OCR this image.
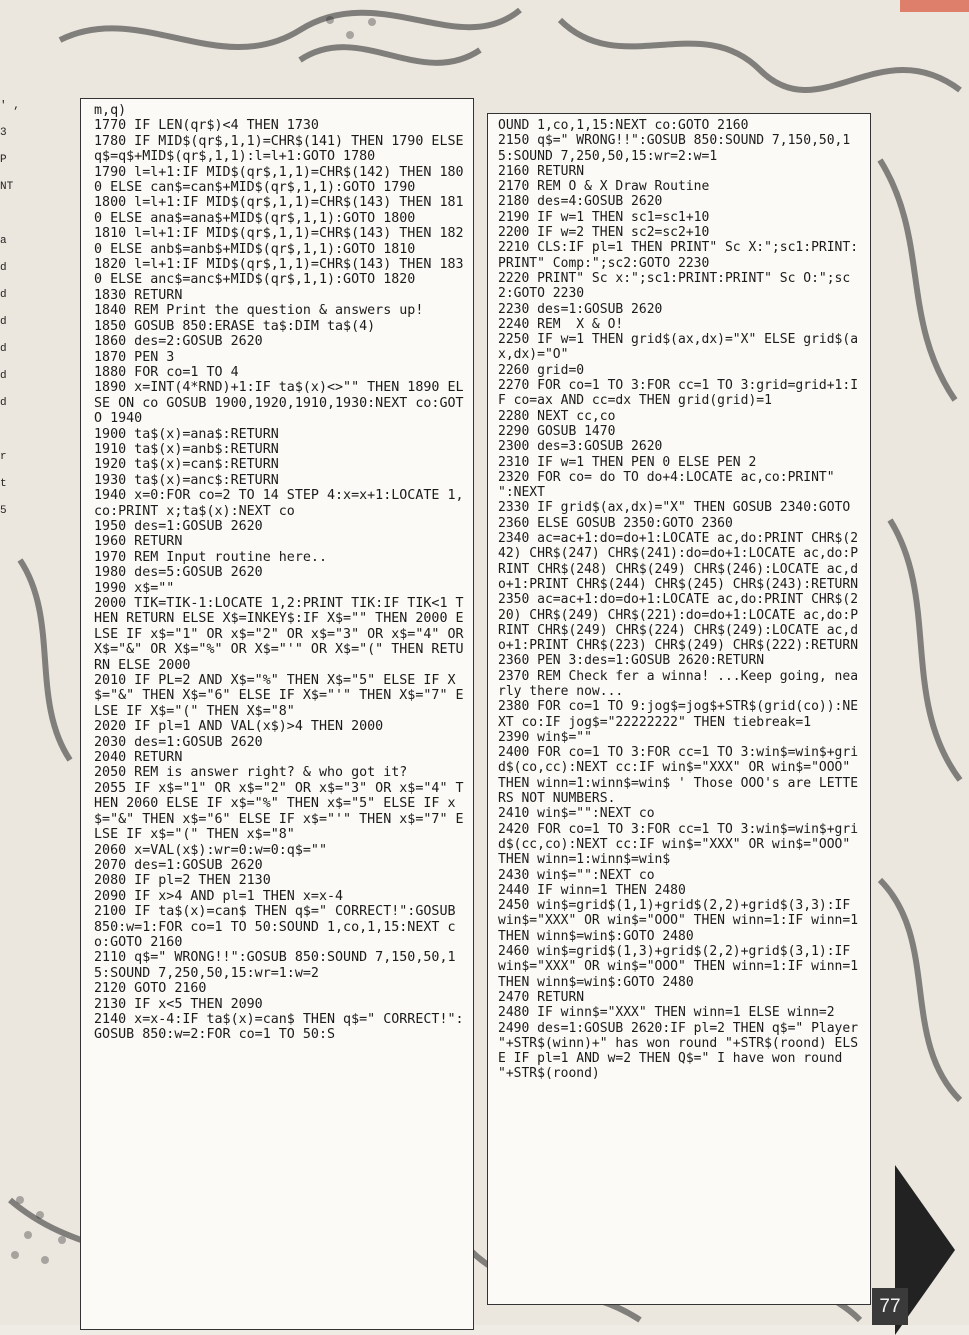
' ,
3
P
NT
a
d
d
d
d
d
d
r
t
5
m,q)
1770 IF LEN(qr$)<4 THEN 1730
1780 IF MID$(qr$,1,1)=CHR$(141) THEN 1790 ELSE q$=q$+MID$(qr$,1,1):l=l+1:GOTO 1780
1790 l=l+1:IF MID$(qr$,1,1)=CHR$(142) THEN 1800 ELSE can$=can$+MID$(qr$,1,1):GOTO 1790
1800 l=l+1:IF MID$(qr$,1,1)=CHR$(143) THEN 1810 ELSE ana$=ana$+MID$(qr$,1,1):GOTO 1800
1810 l=l+1:IF MID$(qr$,1,1)=CHR$(143) THEN 1820 ELSE anb$=anb$+MID$(qr$,1,1):GOTO 1810
1820 l=l+1:IF MID$(qr$,1,1)=CHR$(143) THEN 1830 ELSE anc$=anc$+MID$(qr$,1,1):GOTO 1820
1830 RETURN
1840 REM Print the question & answers up!
1850 GOSUB 850:ERASE ta$:DIM ta$(4)
1860 des=2:GOSUB 2620
1870 PEN 3
1880 FOR co=1 TO 4
1890 x=INT(4*RND)+1:IF ta$(x)<>"" THEN 1890 ELSE ON co GOSUB 1900,1920,1910,1930:NEXT co:GOTO 1940
1900 ta$(x)=ana$:RETURN
1910 ta$(x)=anb$:RETURN
1920 ta$(x)=can$:RETURN
1930 ta$(x)=anc$:RETURN
1940 x=0:FOR co=2 TO 14 STEP 4:x=x+1:LOCATE 1,co:PRINT x;ta$(x):NEXT co
1950 des=1:GOSUB 2620
1960 RETURN
1970 REM Input routine here..
1980 des=5:GOSUB 2620
1990 x$=""
2000 TIK=TIK-1:LOCATE 1,2:PRINT TIK:IF TIK<1 THEN RETURN ELSE X$=INKEY$:IF X$="" THEN 2000 ELSE IF x$="1" OR x$="2" OR x$="3" OR x$="4" OR X$="&" OR X$="%" OR X$="'" OR X$="(" THEN RETURN ELSE 2000
2010 IF PL=2 AND X$="%" THEN X$="5" ELSE IF X$="&" THEN X$="6" ELSE IF X$="'" THEN X$="7" ELSE IF X$="(" THEN X$="8"
2020 IF pl=1 AND VAL(x$)>4 THEN 2000
2030 des=1:GOSUB 2620
2040 RETURN
2050 REM is answer right? & who got it?
2055 IF x$="1" OR x$="2" OR x$="3" OR x$="4" THEN 2060 ELSE IF x$="%" THEN x$="5" ELSE IF x$="&" THEN x$="6" ELSE IF x$="'" THEN x$="7" ELSE IF x$="(" THEN x$="8"
2060 x=VAL(x$):wr=0:w=0:q$=""
2070 des=1:GOSUB 2620
2080 IF pl=2 THEN 2130
2090 IF x>4 AND pl=1 THEN x=x-4
2100 IF ta$(x)=can$ THEN q$=" CORRECT!":GOSUB 850:w=1:FOR co=1 TO 50:SOUND 1,co,1,15:NEXT co:GOTO 2160
2110 q$=" WRONG!!":GOSUB 850:SOUND 7,150,50,15:SOUND 7,250,50,15:wr=1:w=2
2120 GOTO 2160
2130 IF x<5 THEN 2090
2140 x=x-4:IF ta$(x)=can$ THEN q$=" CORRECT!":GOSUB 850:w=2:FOR co=1 TO 50:S

OUND 1,co,1,15:NEXT co:GOTO 2160
2150 q$=" WRONG!!":GOSUB 850:SOUND 7,150,50,15:SOUND 7,250,50,15:wr=2:w=1
2160 RETURN
2170 REM O & X Draw Routine
2180 des=4:GOSUB 2620
2190 IF w=1 THEN sc1=sc1+10
2200 IF w=2 THEN sc2=sc2+10
2210 CLS:IF pl=1 THEN PRINT" Sc X:";sc1:PRINT:PRINT" Comp:";sc2:GOTO 2230
2220 PRINT" Sc x:";sc1:PRINT:PRINT" Sc O:";sc2:GOTO 2230
2230 des=1:GOSUB 2620
2240 REM  X & O!
2250 IF w=1 THEN grid$(ax,dx)="X" ELSE grid$(ax,dx)="O"
2260 grid=0
2270 FOR co=1 TO 3:FOR cc=1 TO 3:grid=grid+1:IF co=ax AND cc=dx THEN grid(grid)=1
2280 NEXT cc,co
2290 GOSUB 1470
2300 des=3:GOSUB 2620
2310 IF w=1 THEN PEN 0 ELSE PEN 2
2320 FOR co= do TO do+4:LOCATE ac,co:PRINT"      ":NEXT
2330 IF grid$(ax,dx)="X" THEN GOSUB 2340:GOTO 2360 ELSE GOSUB 2350:GOTO 2360
2340 ac=ac+1:do=do+1:LOCATE ac,do:PRINT CHR$(242) CHR$(247) CHR$(241):do=do+1:LOCATE ac,do:PRINT CHR$(248) CHR$(249) CHR$(246):LOCATE ac,do+1:PRINT CHR$(244) CHR$(245) CHR$(243):RETURN
2350 ac=ac+1:do=do+1:LOCATE ac,do:PRINT CHR$(220) CHR$(249) CHR$(221):do=do+1:LOCATE ac,do:PRINT CHR$(249) CHR$(224) CHR$(249):LOCATE ac,do+1:PRINT CHR$(223) CHR$(249) CHR$(222):RETURN
2360 PEN 3:des=1:GOSUB 2620:RETURN
2370 REM Check fer a winna! ...Keep going, nearly there now...
2380 FOR co=1 TO 9:jog$=jog$+STR$(grid(co)):NEXT co:IF jog$="22222222" THEN tiebreak=1
2390 win$=""
2400 FOR co=1 TO 3:FOR cc=1 TO 3:win$=win$+grid$(co,cc):NEXT cc:IF win$="XXX" OR win$="OOO" THEN winn=1:winn$=win$ ' Those OOO's are LETTERS NOT NUMBERS.
2410 win$="":NEXT co
2420 FOR co=1 TO 3:FOR cc=1 TO 3:win$=win$+grid$(cc,co):NEXT cc:IF win$="XXX" OR win$="OOO" THEN winn=1:winn$=win$
2430 win$="":NEXT co
2440 IF winn=1 THEN 2480
2450 win$=grid$(1,1)+grid$(2,2)+grid$(3,3):IF win$="XXX" OR win$="OOO" THEN winn=1:IF winn=1 THEN winn$=win$:GOTO 2480
2460 win$=grid$(1,3)+grid$(2,2)+grid$(3,1):IF win$="XXX" OR win$="OOO" THEN winn=1:IF winn=1 THEN winn$=win$:GOTO 2480
2470 RETURN
2480 IF winn$="XXX" THEN winn=1 ELSE winn=2
2490 des=1:GOSUB 2620:IF pl=2 THEN q$=" Player "+STR$(winn)+" has won round "+STR$(roond) ELSE IF pl=1 AND w=2 THEN Q$=" I have won round "+STR$(roond)

77
